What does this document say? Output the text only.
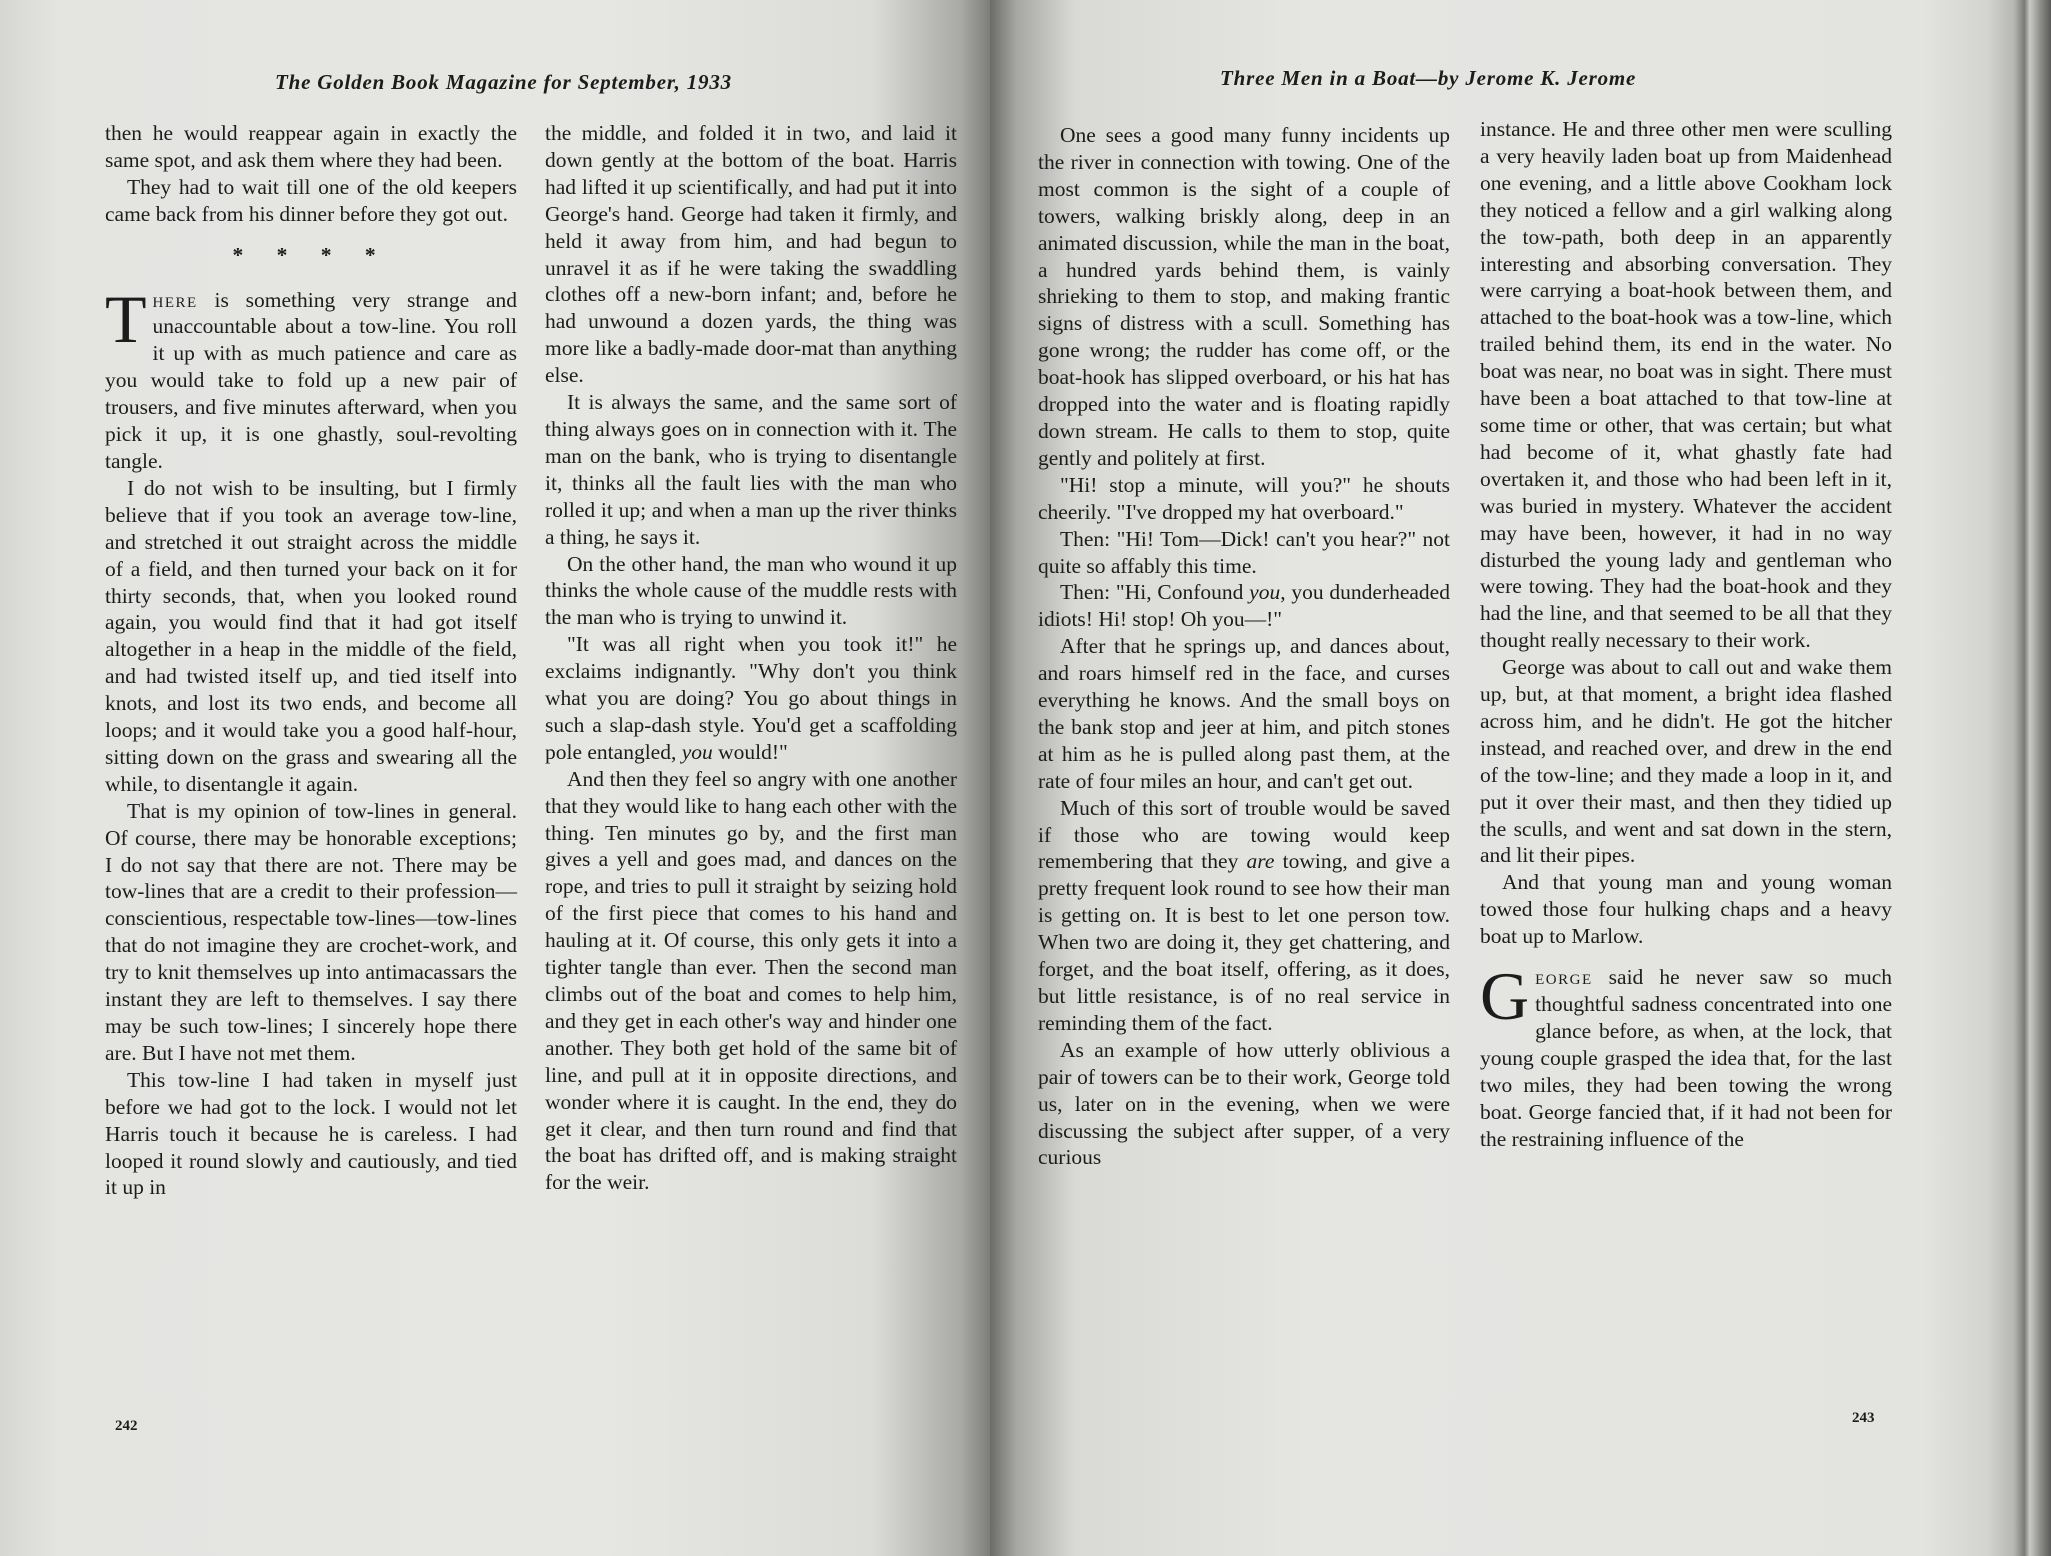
The Golden Book Magazine for September, 1933

then he would reappear again in exactly the same spot, and ask them where they had been.

They had to wait till one of the old keepers came back from his dinner before they got out.

* * * *

There is something very strange and unaccountable about a tow-line. You roll it up with as much patience and care as you would take to fold up a new pair of trousers, and five minutes afterward, when you pick it up, it is one ghastly, soul-revolting tangle.

I do not wish to be insulting, but I firmly believe that if you took an average tow-line, and stretched it out straight across the middle of a field, and then turned your back on it for thirty seconds, that, when you looked round again, you would find that it had got itself altogether in a heap in the middle of the field, and had twisted itself up, and tied itself into knots, and lost its two ends, and become all loops; and it would take you a good half-hour, sitting down on the grass and swearing all the while, to disentangle it again.

That is my opinion of tow-lines in general. Of course, there may be honorable exceptions; I do not say that there are not. There may be tow-lines that are a credit to their profession—conscientious, respectable tow-lines—tow-lines that do not imagine they are crochet-work, and try to knit themselves up into antimacassars the instant they are left to themselves. I say there may be such tow-lines; I sincerely hope there are. But I have not met them.

This tow-line I had taken in myself just before we had got to the lock. I would not let Harris touch it because he is careless. I had looped it round slowly and cautiously, and tied it up in

the middle, and folded it in two, and laid it down gently at the bottom of the boat. Harris had lifted it up scientifically, and had put it into George's hand. George had taken it firmly, and held it away from him, and had begun to unravel it as if he were taking the swaddling clothes off a new-born infant; and, before he had unwound a dozen yards, the thing was more like a badly-made door-mat than anything else.

It is always the same, and the same sort of thing always goes on in connection with it. The man on the bank, who is trying to disentangle it, thinks all the fault lies with the man who rolled it up; and when a man up the river thinks a thing, he says it.

On the other hand, the man who wound it up thinks the whole cause of the muddle rests with the man who is trying to unwind it.

"It was all right when you took it!" he exclaims indignantly. "Why don't you think what you are doing? You go about things in such a slap-dash style. You'd get a scaffolding pole entangled, you would!"

And then they feel so angry with one another that they would like to hang each other with the thing. Ten minutes go by, and the first man gives a yell and goes mad, and dances on the rope, and tries to pull it straight by seizing hold of the first piece that comes to his hand and hauling at it. Of course, this only gets it into a tighter tangle than ever. Then the second man climbs out of the boat and comes to help him, and they get in each other's way and hinder one another. They both get hold of the same bit of line, and pull at it in opposite directions, and wonder where it is caught. In the end, they do get it clear, and then turn round and find that the boat has drifted off, and is making straight for the weir.

242
Three Men in a Boat—by Jerome K. Jerome

One sees a good many funny incidents up the river in connection with towing. One of the most common is the sight of a couple of towers, walking briskly along, deep in an animated discussion, while the man in the boat, a hundred yards behind them, is vainly shrieking to them to stop, and making frantic signs of distress with a scull. Something has gone wrong; the rudder has come off, or the boat-hook has slipped overboard, or his hat has dropped into the water and is floating rapidly down stream. He calls to them to stop, quite gently and politely at first.

"Hi! stop a minute, will you?" he shouts cheerily. "I've dropped my hat overboard."

Then: "Hi! Tom—Dick! can't you hear?" not quite so affably this time.

Then: "Hi, Confound you, you dunderheaded idiots! Hi! stop! Oh you—!"

After that he springs up, and dances about, and roars himself red in the face, and curses everything he knows. And the small boys on the bank stop and jeer at him, and pitch stones at him as he is pulled along past them, at the rate of four miles an hour, and can't get out.

Much of this sort of trouble would be saved if those who are towing would keep remembering that they are towing, and give a pretty frequent look round to see how their man is getting on. It is best to let one person tow. When two are doing it, they get chattering, and forget, and the boat itself, offering, as it does, but little resistance, is of no real service in reminding them of the fact.

As an example of how utterly oblivious a pair of towers can be to their work, George told us, later on in the evening, when we were discussing the subject after supper, of a very curious

instance. He and three other men were sculling a very heavily laden boat up from Maidenhead one evening, and a little above Cookham lock they noticed a fellow and a girl walking along the tow-path, both deep in an apparently interesting and absorbing conversation. They were carrying a boat-hook between them, and attached to the boat-hook was a tow-line, which trailed behind them, its end in the water. No boat was near, no boat was in sight. There must have been a boat attached to that tow-line at some time or other, that was certain; but what had become of it, what ghastly fate had overtaken it, and those who had been left in it, was buried in mystery. Whatever the accident may have been, however, it had in no way disturbed the young lady and gentleman who were towing. They had the boat-hook and they had the line, and that seemed to be all that they thought really necessary to their work.

George was about to call out and wake them up, but, at that moment, a bright idea flashed across him, and he didn't. He got the hitcher instead, and reached over, and drew in the end of the tow-line; and they made a loop in it, and put it over their mast, and then they tidied up the sculls, and went and sat down in the stern, and lit their pipes.

And that young man and young woman towed those four hulking chaps and a heavy boat up to Marlow.

George said he never saw so much thoughtful sadness concentrated into one glance before, as when, at the lock, that young couple grasped the idea that, for the last two miles, they had been towing the wrong boat. George fancied that, if it had not been for the restraining influence of the

243
